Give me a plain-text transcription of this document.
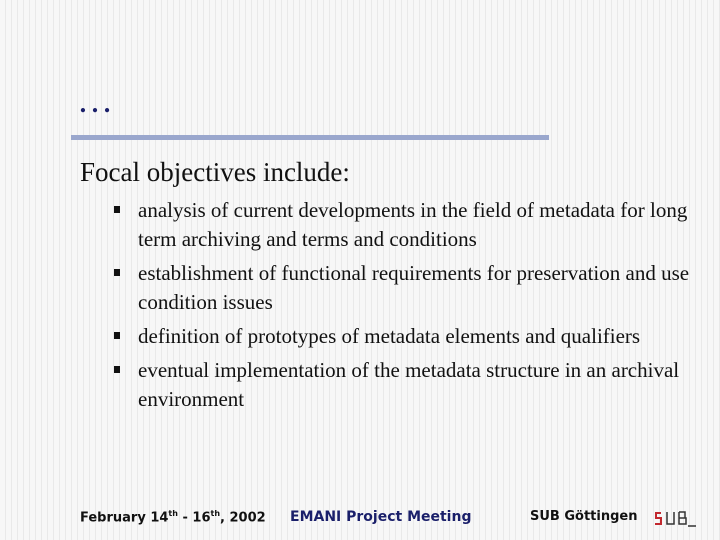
…
Focal objectives include:
analysis of current developments in the field of metadata for long term archiving and terms and conditions
establishment of functional requirements for preservation and use condition issues
definition of prototypes of metadata elements and qualifiers
eventual implementation of the metadata structure in an archival environment
February 14th - 16th, 2002 EMANI Project Meeting	SUB Göttingen
